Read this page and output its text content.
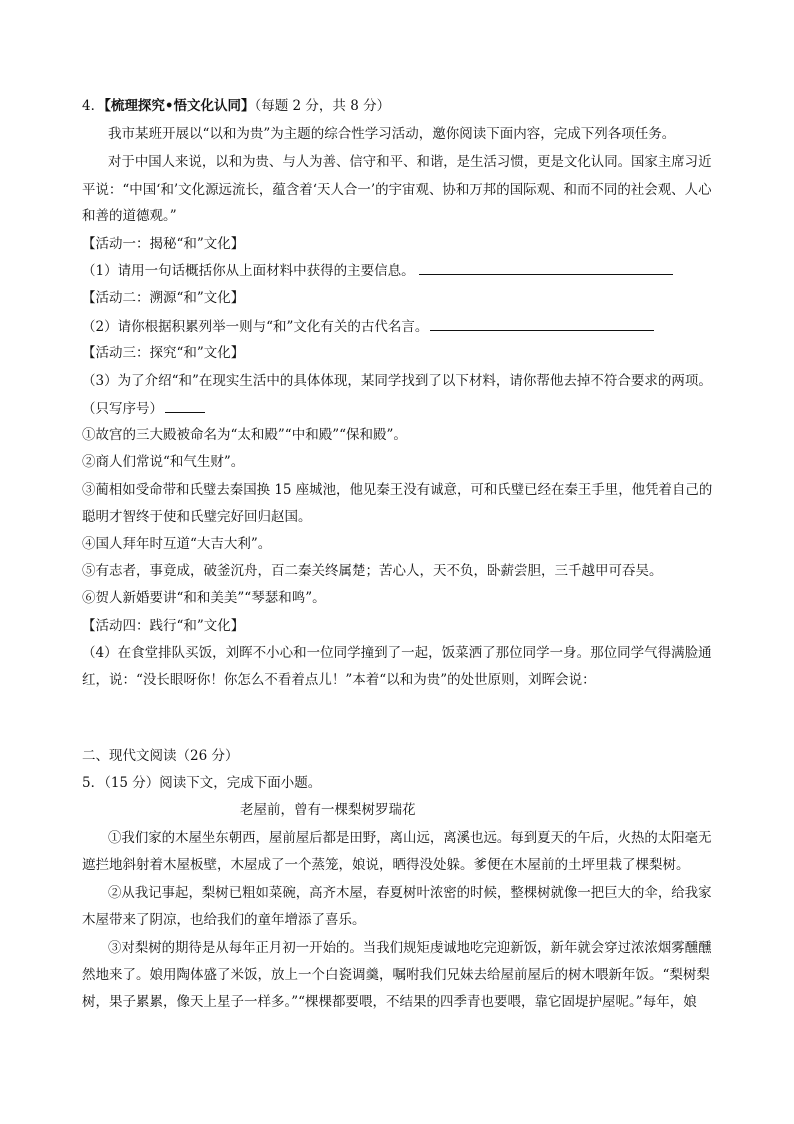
4．【梳理探究•悟文化认同】（每题 2 分，共 8 分）
我市某班开展以“以和为贵”为主题的综合性学习活动，邀你阅读下面内容，完成下列各项任务。
对于中国人来说，以和为贵、与人为善、信守和平、和谐，是生活习惯，更是文化认同。国家主席习近
平说：“中国‘和’文化源远流长，蕴含着‘天人合一’的宇宙观、协和万邦的国际观、和而不同的社会观、人心
和善的道德观。”
【活动一：揭秘“和”文化】
（1）请用一句话概括你从上面材料中获得的主要信息。
【活动二：溯源“和”文化】
（2）请你根据积累列举一则与“和”文化有关的古代名言。
【活动三：探究“和”文化】
（3）为了介绍“和”在现实生活中的具体体现，某同学找到了以下材料，请你帮他去掉不符合要求的两项。
（只写序号）
①故宫的三大殿被命名为“太和殿”“中和殿”“保和殿”。
②商人们常说“和气生财”。
③蔺相如受命带和氏璧去秦国换 15 座城池，他见秦王没有诚意，可和氏璧已经在秦王手里，他凭着自己的
聪明才智终于使和氏璧完好回归赵国。
④国人拜年时互道“大吉大利”。
⑤有志者，事竟成，破釜沉舟，百二秦关终属楚；苦心人，天不负，卧薪尝胆，三千越甲可吞吴。
⑥贺人新婚要讲“和和美美”“琴瑟和鸣”。
【活动四：践行“和”文化】
（4）在食堂排队买饭，刘晖不小心和一位同学撞到了一起，饭菜洒了那位同学一身。那位同学气得满脸通
红，说：“没长眼呀你！你怎么不看着点儿！”本着“以和为贵”的处世原则，刘晖会说：
二、现代文阅读（26 分）
5．（15 分）阅读下文，完成下面小题。
老屋前，曾有一棵梨树罗瑞花
①我们家的木屋坐东朝西，屋前屋后都是田野，离山远，离溪也远。每到夏天的午后，火热的太阳毫无
遮拦地斜射着木屋板壁，木屋成了一个蒸笼，娘说，晒得没处躲。爹便在木屋前的土坪里栽了棵梨树。
②从我记事起，梨树已粗如菜碗，高齐木屋，春夏树叶浓密的时候，整棵树就像一把巨大的伞，给我家
木屋带来了阴凉，也给我们的童年增添了喜乐。
③对梨树的期待是从每年正月初一开始的。当我们规矩虔诚地吃完迎新饭，新年就会穿过浓浓烟雾醺醺
然地来了。娘用陶体盛了米饭，放上一个白瓷调羹，嘱咐我们兄妹去给屋前屋后的树木喂新年饭。“梨树梨
树，果子累累，像天上星子一样多。”“棵棵都要喂，不结果的四季青也要喂，靠它固堤护屋呢。”每年，娘
